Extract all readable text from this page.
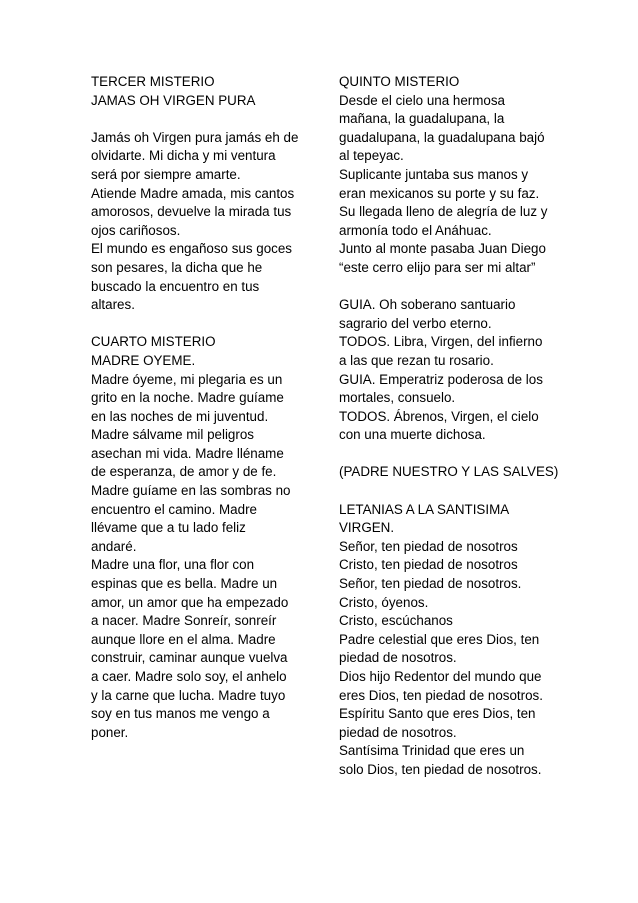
TERCER MISTERIO
JAMAS OH VIRGEN PURA
Jamás oh Virgen pura jamás eh de
olvidarte. Mi dicha y mi ventura
será por siempre amarte.
Atiende Madre amada, mis cantos
amorosos, devuelve la mirada tus
ojos cariñosos.
El mundo es engañoso sus goces
son pesares, la dicha que he
buscado la encuentro en tus
altares.
CUARTO MISTERIO
MADRE OYEME.
Madre óyeme, mi plegaria es un
grito en la noche. Madre guíame
en las noches de mi juventud.
Madre sálvame mil peligros
asechan mi vida. Madre lléname
de esperanza, de amor y de fe.
Madre guíame en las sombras no
encuentro el camino. Madre
llévame que a tu lado feliz
andaré.
Madre una flor, una flor con
espinas que es bella. Madre un
amor, un amor que ha empezado
a nacer. Madre Sonreír, sonreír
aunque llore en el alma. Madre
construir, caminar aunque vuelva
a caer. Madre solo soy, el anhelo
y la carne que lucha. Madre tuyo
soy en tus manos me vengo a
poner.
QUINTO MISTERIO
Desde el cielo una hermosa
mañana, la guadalupana, la
guadalupana, la guadalupana bajó
al tepeyac.
Suplicante juntaba sus manos y
eran mexicanos su porte y su faz.
Su llegada lleno de alegría de luz y
armonía todo el Anáhuac.
Junto al monte pasaba Juan Diego
“este cerro elijo para ser mi altar”
GUIA. Oh soberano santuario
sagrario del verbo eterno.
TODOS. Libra, Virgen, del infierno
a las que rezan tu rosario.
GUIA. Emperatriz poderosa de los
mortales, consuelo.
TODOS. Ábrenos, Virgen, el cielo
con una muerte dichosa.
(PADRE NUESTRO Y LAS SALVES)
LETANIAS A LA SANTISIMA
VIRGEN.
Señor, ten piedad de nosotros
Cristo, ten piedad de nosotros
Señor, ten piedad de nosotros.
Cristo, óyenos.
Cristo, escúchanos
Padre celestial que eres Dios, ten
piedad de nosotros.
Dios hijo Redentor del mundo que
eres Dios, ten piedad de nosotros.
Espíritu Santo que eres Dios, ten
piedad de nosotros.
Santísima Trinidad que eres un
solo Dios, ten piedad de nosotros.
